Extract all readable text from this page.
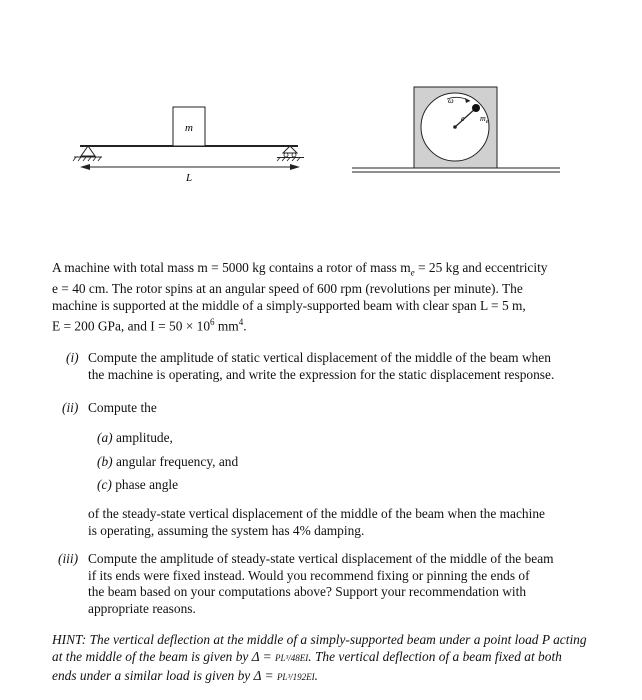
m
L
ω
e $m_e$
A machine with total mass m = 5000 kg contains a rotor of mass $m_e = 25$ kg and eccentricity
e = 40 cm. The rotor spins at an angular speed of 600 rpm (revolutions per minute). The
machine is supported at the middle of a simply-supported beam with clear span L = 5 m,
E = 200 GPa, and $I = 50 \times 10^6$ $mm^4$.
(i) Compute the amplitude of static vertical displacement of the middle of the beam when
the machine is operating, and write the expression for the static displacement response.
(ii) Compute the
(a) amplitude,
(b) angular frequency, and
(c) phase angle
of the steady-state vertical displacement of the middle of the beam when the machine
is operating, assuming the system has 4% damping.
(iii) Compute the amplitude of steady-state vertical displacement of the middle of the beam
if its ends were fixed instead. Would you recommend fixing or pinning the ends of
the beam based on your computations above? Support your recommendation with
appropriate reasons.
HINT: The vertical deflection at the middle of a simply-supported beam under a point load P acting
at the middle of the beam is given by Δ = PL³/48EI. The vertical deflection of a beam fixed at both
ends under a similar load is given by Δ = PL³/192EI.
